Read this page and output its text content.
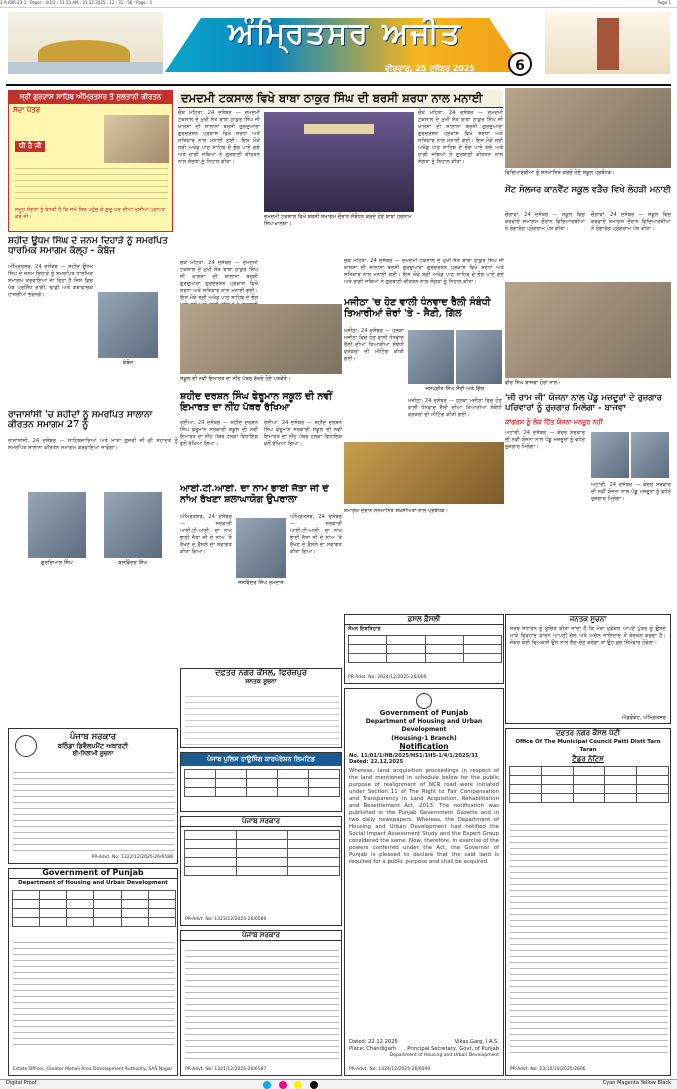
3 A-ASR-23-1 : Paper : 4/1/2 : 11:23 AM ; 23 12 2025 ; 12 : 31 : 56 ; Page : 1	Page 1
ਅਜੀਤ ਦਾ ਸਪਲੀਮੈਂਟ
ਅੰਮ੍ਰਿਤਸਰ ਅਜੀਤ
ਵੀਰਵਾਰ, 25 ਦਸੰਬਰ 2025	6
ਸ੍ਰੀ ਗੁਰਦਾਸ ਸਾਹਿਬ ਅੰਮ੍ਰਿਤਸਰ ਤੋਂ ਸੁਲਤਾਨੀ ਕੀਰਤਨ
ਸੱਦਾ ਪੱਤਰ
ਧੀ ਹੈ ਜੀ
ਸਮੂਹ ਸੰਗਤਾਂ ਨੂੰ ਬੇਨਤੀ ਹੈ ਕਿ ਸਮੇਂ ਸਿਰ ਪਹੁੰਚ ਕੇ ਗੁਰੂ ਘਰ ਦੀਆਂ ਖੁਸ਼ੀਆਂ ਪ੍ਰਾਪਤ ਕਰੋ ਜੀ।
ਦਮਦਮੀ ਟਕਸਾਲ ਵਿਖੇ ਬਾਬਾ ਠਾਕੁਰ ਸਿੰਘ ਦੀ ਬਰਸੀ ਸ਼ਰਧਾ ਨਾਲ ਮਨਾਈ
ਚੌਕ ਮਹਿਤਾ, 24 ਦਸੰਬਰ — ਦਮਦਮੀ ਟਕਸਾਲ ਦੇ ਮੁਖੀ ਸੰਤ ਬਾਬਾ ਠਾਕੁਰ ਸਿੰਘ ਜੀ ਖ਼ਾਲਸਾ ਦੀ ਸਾਲਾਨਾ ਬਰਸੀ ਗੁਰਦੁਆਰਾ ਗੁਰਦਰਸ਼ਨ ਪ੍ਰਕਾਸ਼ ਵਿਖੇ ਸ਼ਰਧਾ ਅਤੇ ਸਤਿਕਾਰ ਨਾਲ ਮਨਾਈ ਗਈ। ਇਸ ਮੌਕੇ ਸ੍ਰੀ ਅਖੰਡ ਪਾਠ ਸਾਹਿਬ ਦੇ ਭੋਗ ਪਾਏ ਗਏ ਅਤੇ ਰਾਗੀ ਜਥਿਆਂ ਨੇ ਗੁਰਬਾਣੀ ਕੀਰਤਨ ਨਾਲ ਸੰਗਤਾਂ ਨੂੰ ਨਿਹਾਲ ਕੀਤਾ।
ਦਮਦਮੀ ਟਕਸਾਲ ਵਿਖੇ ਬਰਸੀ ਸਮਾਗਮ ਦੌਰਾਨ ਸੰਬੋਧਨ ਕਰਦੇ ਹੋਏ ਬਾਬਾ ਹਰਨਾਮ ਸਿੰਘ ਖ਼ਾਲਸਾ।
ਚੌਕ ਮਹਿਤਾ, 24 ਦਸੰਬਰ — ਦਮਦਮੀ ਟਕਸਾਲ ਦੇ ਮੁਖੀ ਸੰਤ ਬਾਬਾ ਠਾਕੁਰ ਸਿੰਘ ਜੀ ਖ਼ਾਲਸਾ ਦੀ ਸਾਲਾਨਾ ਬਰਸੀ ਗੁਰਦੁਆਰਾ ਗੁਰਦਰਸ਼ਨ ਪ੍ਰਕਾਸ਼ ਵਿਖੇ ਸ਼ਰਧਾ ਅਤੇ ਸਤਿਕਾਰ ਨਾਲ ਮਨਾਈ ਗਈ। ਇਸ ਮੌਕੇ ਸ੍ਰੀ ਅਖੰਡ ਪਾਠ ਸਾਹਿਬ ਦੇ ਭੋਗ ਪਾਏ ਗਏ ਅਤੇ ਰਾਗੀ ਜਥਿਆਂ ਨੇ ਗੁਰਬਾਣੀ ਕੀਰਤਨ ਨਾਲ ਸੰਗਤਾਂ ਨੂੰ ਨਿਹਾਲ ਕੀਤਾ।
ਵਿਦਿਆਰਥੀਆਂ ਨੂੰ ਸਨਮਾਨਿਤ ਕਰਦੇ ਹੋਏ ਸਕੂਲ ਪ੍ਰਬੰਧਕ।
ਸੇਂਟ ਸੋਲਜਰ ਕਾਨਵੈਂਟ ਸਕੂਲ ਵੜੈਚ ਵਿਖੇ ਲੋਹੜੀ ਮਨਾਈ
ਚੌਗਾਵਾਂ, 24 ਦਸੰਬਰ — ਸਕੂਲ ਵਿਚ ਕਰਵਾਏ ਸਮਾਗਮ ਦੌਰਾਨ ਵਿਦਿਆਰਥੀਆਂ ਨੇ ਰੰਗਾਰੰਗ ਪ੍ਰੋਗਰਾਮ ਪੇਸ਼ ਕੀਤਾ।
ਚੌਗਾਵਾਂ, 24 ਦਸੰਬਰ — ਸਕੂਲ ਵਿਚ ਕਰਵਾਏ ਸਮਾਗਮ ਦੌਰਾਨ ਵਿਦਿਆਰਥੀਆਂ ਨੇ ਰੰਗਾਰੰਗ ਪ੍ਰੋਗਰਾਮ ਪੇਸ਼ ਕੀਤਾ।
ਸ਼ਹੀਦ ਊਧਮ ਸਿੰਘ ਦੇ ਜਨਮ ਦਿਹਾੜੇ ਨੂੰ ਸਮਰਪਿਤ ਧਾਰਮਿਕ ਸਮਾਗਮ ਕੱਲ੍ਹ - ਕੰਬੋਜ
ਅੰਮ੍ਰਿਤਸਰ, 24 ਦਸੰਬਰ — ਸ਼ਹੀਦ ਊਧਮ ਸਿੰਘ ਦੇ ਜਨਮ ਦਿਹਾੜੇ ਨੂੰ ਸਮਰਪਿਤ ਧਾਰਮਿਕ ਸਮਾਗਮ ਕਰਵਾਇਆ ਜਾ ਰਿਹਾ ਹੈ ਜਿਸ ਵਿਚ ਪੰਥ ਪ੍ਰਸਿੱਧ ਰਾਗੀ, ਢਾਡੀ ਅਤੇ ਕਥਾਵਾਚਕ ਹਾਜ਼ਰੀਆਂ ਭਰਨਗੇ।
ਕੰਬੋਜ
ਚੌਕ ਮਹਿਤਾ, 24 ਦਸੰਬਰ — ਦਮਦਮੀ ਟਕਸਾਲ ਦੇ ਮੁਖੀ ਸੰਤ ਬਾਬਾ ਠਾਕੁਰ ਸਿੰਘ ਜੀ ਖ਼ਾਲਸਾ ਦੀ ਸਾਲਾਨਾ ਬਰਸੀ ਗੁਰਦੁਆਰਾ ਗੁਰਦਰਸ਼ਨ ਪ੍ਰਕਾਸ਼ ਵਿਖੇ ਸ਼ਰਧਾ ਅਤੇ ਸਤਿਕਾਰ ਨਾਲ ਮਨਾਈ ਗਈ। ਇਸ ਮੌਕੇ ਸ੍ਰੀ ਅਖੰਡ ਪਾਠ ਸਾਹਿਬ ਦੇ ਭੋਗ
ਸਕੂਲ ਦੀ ਨਵੀਂ ਇਮਾਰਤ ਦਾ ਨੀਂਹ ਪੱਥਰ ਰੱਖਦੇ ਹੋਏ ਪਤਵੰਤੇ।
ਸ਼ਹੀਦ ਦਰਸ਼ਨ ਸਿੰਘ ਫੇਰੂਮਾਨ ਸਕੂਲ ਦੀ ਨਵੀਂ ਇਮਾਰਤ ਦਾ ਨੀਂਹ ਪੱਥਰ ਰੱਖਿਆ
ਰਈਆ, 24 ਦਸੰਬਰ — ਸ਼ਹੀਦ ਦਰਸ਼ਨ ਸਿੰਘ ਫੇਰੂਮਾਨ ਸਰਕਾਰੀ ਸਕੂਲ ਦੀ ਨਵੀਂ ਇਮਾਰਤ ਦਾ ਨੀਂਹ ਪੱਥਰ ਹਲਕਾ ਵਿਧਾਇਕ ਵਲੋਂ ਰੱਖਿਆ ਗਿਆ।
ਰਈਆ, 24 ਦਸੰਬਰ — ਸ਼ਹੀਦ ਦਰਸ਼ਨ ਸਿੰਘ ਫੇਰੂਮਾਨ ਸਰਕਾਰੀ ਸਕੂਲ ਦੀ ਨਵੀਂ ਇਮਾਰਤ ਦਾ ਨੀਂਹ ਪੱਥਰ ਹਲਕਾ ਵਿਧਾਇਕ ਵਲੋਂ ਰੱਖਿਆ ਗਿਆ।
ਚੌਕ ਮਹਿਤਾ, 24 ਦਸੰਬਰ — ਦਮਦਮੀ ਟਕਸਾਲ ਦੇ ਮੁਖੀ ਸੰਤ ਬਾਬਾ ਠਾਕੁਰ ਸਿੰਘ ਜੀ ਖ਼ਾਲਸਾ ਦੀ ਸਾਲਾਨਾ ਬਰਸੀ ਗੁਰਦੁਆਰਾ ਗੁਰਦਰਸ਼ਨ ਪ੍ਰਕਾਸ਼ ਵਿਖੇ ਸ਼ਰਧਾ ਅਤੇ ਸਤਿਕਾਰ ਨਾਲ ਮਨਾਈ ਗਈ। ਇਸ ਮੌਕੇ ਸ੍ਰੀ ਅਖੰਡ ਪਾਠ ਸਾਹਿਬ ਦੇ ਭੋਗ ਪਾਏ ਗਏ ਅਤੇ ਰਾਗੀ ਜਥਿਆਂ ਨੇ ਗੁਰਬਾਣੀ ਕੀਰਤਨ ਨਾਲ ਸੰਗਤਾਂ ਨੂੰ ਨਿਹਾਲ ਕੀਤਾ।
ਮਜੀਠਾ 'ਚ ਹੋਣ ਵਾਲੀ ਧੰਨਵਾਦ ਰੈਲੀ ਸੰਬੰਧੀ ਤਿਆਰੀਆਂ ਜ਼ੋਰਾਂ 'ਤੇ - ਸੈਣੀ, ਗਿੱਲ
ਮਜੀਠਾ, 24 ਦਸੰਬਰ — ਹਲਕਾ ਮਜੀਠਾ ਵਿਚ ਹੋਣ ਵਾਲੀ ਧੰਨਵਾਦ ਰੈਲੀ ਦੀਆਂ ਤਿਆਰੀਆਂ ਸੰਬੰਧੀ ਵਰਕਰਾਂ ਦੀ ਮੀਟਿੰਗ ਕੀਤੀ ਗਈ।
ਜਸਪ੍ਰੀਤ ਸਿੰਘ ਸੈਣੀ ਅਤੇ ਗਿੱਲ
ਮਜੀਠਾ, 24 ਦਸੰਬਰ — ਹਲਕਾ ਮਜੀਠਾ ਵਿਚ ਹੋਣ ਵਾਲੀ ਧੰਨਵਾਦ ਰੈਲੀ ਦੀਆਂ ਤਿਆਰੀਆਂ ਸੰਬੰਧੀ ਵਰਕਰਾਂ ਦੀ ਮੀਟਿੰਗ ਕੀਤੀ ਗਈ।
ਵੀਰ ਸਿੰਘ ਬਾਜਵਾ ਹੋਰਾਂ ਨਾਲ।
'ਜੀ ਰਾਮ ਜੀ' ਯੋਜਨਾ ਨਾਲ ਪੇਂਡੂ ਮਜ਼ਦੂਰਾਂ ਦੇ ਰੁਜ਼ਗਾਰ ਪਰਿਵਾਰਾਂ ਨੂੰ ਰੁਜ਼ਗਾਰ ਮਿਲੇਗਾ - ਬਾਜਵਾ
ਕਾਂਗਰਸ ਨੂੰ ਲੋਕ ਹਿੱਤ ਯੋਜਨਾ ਮਨਜ਼ੂਰ ਨਹੀਂ
ਅਟਾਰੀ, 24 ਦਸੰਬਰ — ਕੇਂਦਰ ਸਰਕਾਰ ਦੀ ਨਵੀਂ ਯੋਜਨਾ ਨਾਲ ਪੇਂਡੂ ਮਜ਼ਦੂਰਾਂ ਨੂੰ ਵਧੇਰੇ ਰੁਜ਼ਗਾਰ ਮਿਲੇਗਾ।
ਅਟਾਰੀ, 24 ਦਸੰਬਰ — ਕੇਂਦਰ ਸਰਕਾਰ ਦੀ ਨਵੀਂ ਯੋਜਨਾ ਨਾਲ ਪੇਂਡੂ ਮਜ਼ਦੂਰਾਂ ਨੂੰ ਵਧੇਰੇ ਰੁਜ਼ਗਾਰ ਮਿਲੇਗਾ।
ਰਾਜਾਸਾਂਸੀ 'ਚ ਸ਼ਹੀਦਾਂ ਨੂੰ ਸਮਰਪਿਤ ਸਾਲਾਨਾ ਕੀਰਤਨ ਸਮਾਗਮ 27 ਨੂੰ
ਰਾਜਾਸਾਂਸੀ, 24 ਦਸੰਬਰ — ਸਾਹਿਬਜ਼ਾਦਿਆਂ ਅਤੇ ਮਾਤਾ ਗੁਜਰੀ ਜੀ ਦੀ ਸ਼ਹਾਦਤ ਨੂੰ ਸਮਰਪਿਤ ਸਾਲਾਨਾ ਕੀਰਤਨ ਸਮਾਗਮ ਕਰਵਾਇਆ ਜਾਵੇਗਾ।
ਗੁਰਦਿਆਲ ਸਿੰਘ	ਬਲਵਿੰਦਰ ਸਿੰਘ
ਆਈ.ਟੀ.ਆਈ. ਦਾ ਨਾਮ ਭਾਈ ਜੈਤਾ ਜੀ ਦੇ ਨਾਂਅ ਰੱਖਣਾ ਸ਼ਲਾਘਾਯੋਗ ਉਪਰਾਲਾ
ਅੰਮ੍ਰਿਤਸਰ, 24 ਦਸੰਬਰ — ਸਰਕਾਰੀ ਆਈ.ਟੀ.ਆਈ. ਦਾ ਨਾਮ ਭਾਈ ਜੈਤਾ ਜੀ ਦੇ ਨਾਂਅ 'ਤੇ ਰੱਖਣ ਦੇ ਫ਼ੈਸਲੇ ਦਾ ਸਵਾਗਤ ਕੀਤਾ ਗਿਆ।
ਜਸਵਿੰਦਰ ਸਿੰਘ ਰਮਦਾਸ
ਅੰਮ੍ਰਿਤਸਰ, 24 ਦਸੰਬਰ — ਸਰਕਾਰੀ ਆਈ.ਟੀ.ਆਈ. ਦਾ ਨਾਮ ਭਾਈ ਜੈਤਾ ਜੀ ਦੇ ਨਾਂਅ 'ਤੇ ਰੱਖਣ ਦੇ ਫ਼ੈਸਲੇ ਦਾ ਸਵਾਗਤ ਕੀਤਾ ਗਿਆ।
ਸਮਾਗਮ ਦੌਰਾਨ ਸਨਮਾਨਿਤ ਸ਼ਖ਼ਸੀਅਤਾਂ ਨਾਲ ਪ੍ਰਬੰਧਕ।
ਫ਼ਸਲ ਫ਼ੈਸਲੀ
ਸੰਮਨ ਇਸ਼ਤਿਹਾਰ

PR.Advt. No: 2024/12/2025-26/005
ਦਫ਼ਤਰ ਨਗਰ ਕੌਂਸਲ, ਫਿਰੋਜ਼ਪੁਰ
ਜਨਤਕ ਸੂਚਨਾ
ਜਨਤਕ ਸੂਚਨਾ
ਸਰਬ ਸਧਾਰਨ ਨੂੰ ਸੂਚਿਤ ਕੀਤਾ ਜਾਂਦਾ ਹੈ ਕਿ ਮੇਰਾ ਮੁਵੱਕਲ ਆਪਣੇ ਪੁੱਤਰ ਨੂੰ ਉਸਦੇ ਮਾੜੇ ਵਿਵਹਾਰ ਕਾਰਨ ਆਪਣੀ ਚੱਲ ਅਤੇ ਅਚੱਲ ਜਾਇਦਾਦ ਤੋਂ ਬੇਦਖ਼ਲ ਕਰਦਾ ਹੈ। ਜੇਕਰ ਕੋਈ ਵਿਅਕਤੀ ਉਸ ਨਾਲ ਲੈਣ-ਦੇਣ ਕਰੇਗਾ ਤਾਂ ਉਹ ਖ਼ੁਦ ਜ਼ਿੰਮੇਵਾਰ ਹੋਵੇਗਾ।
ਐਡਵੋਕੇਟ, ਅੰਮ੍ਰਿਤਸਰ
ਪੰਜਾਬ ਸਰਕਾਰ
ਬਠਿੰਡਾ ਡਿਵੈਲਪਮੈਂਟ ਅਥਾਰਟੀ
ਈ-ਨਿਲਾਮੀ ਸੂਚਨਾ
PR-Advt. No: 1322/12/2025-26/6588
ਪੰਜਾਬ ਪੁਲਿਸ ਹਾਊਸਿੰਗ ਕਾਰਪੋਰੇਸ਼ਨ ਲਿਮਟਿਡ

ਪੰਜਾਬ ਸਰਕਾਰ

PR-Advt. No: 1323/12/2025-26/6589
Government of Punjab
Department of Housing and Urban Development

Estate Officer, Greater Mohali Area Development Authority, SAS Nagar
ਪੰਜਾਬ ਸਰਕਾਰ
PR-Advt. No: 1321/12/2025-26/6587
Government of Punjab
Department of Housing and Urban Development
(Housing-1 Branch)
Notification
No. 11/01/1/HB/2025/HS1/1H5-1/4/1/2025/31 Dated: 22.12.2025
Whereas, land acquisition proceedings in respect of the land mentioned in schedule below for the public purpose of realignment of NCR road were initiated under Section 11 of The Right to Fair Compensation and Transparency in Land Acquisition, Rehabilitation and Resettlement Act, 2013. The notification was published in the Punjab Government Gazette and in two daily newspapers. Whereas, the Department of Housing and Urban Development had notified the Social Impact Assessment Study and the Expert Group considered the same. Now, therefore, in exercise of the powers conferred under the Act, the Governor of Punjab is pleased to declare that the said land is required for a public purpose and shall be acquired.
Dated: 22.12.2025
Place: Chandigarh
Vikas Garg, I.A.S.
Principal Secretary, Govt. of Punjab
Department of Housing and Urban Development
PR-Advt. No: 1324/12/2025-26/6590
ਦਫ਼ਤਰ ਨਗਰ ਕੌਂਸਲ ਪੱਟੀ
Office Of The Municipal Council Patti Distt Tarn Taran
ਟੈਂਡਰ ਨੋਟਿਸ

PR-Advt. No: 23/10/10/2025/2606
Digital Proof
	Cyan Magenta Yellow Black
